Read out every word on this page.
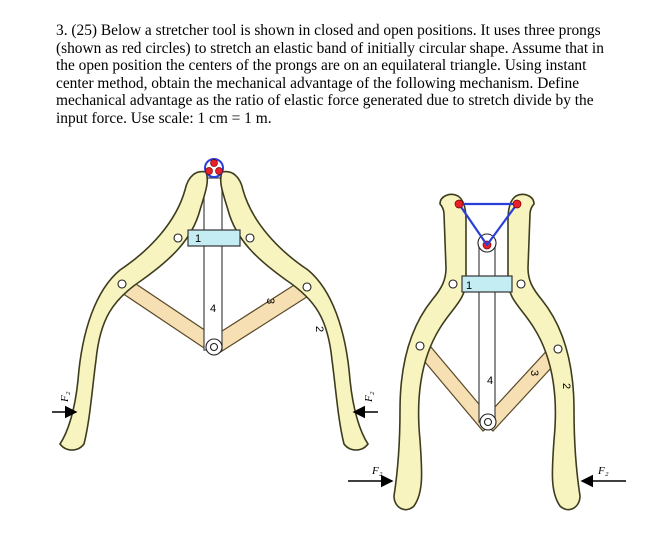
3. (25) Below a stretcher tool is shown in closed and open positions. It uses three prongs
(shown as red circles) to stretch an elastic band of initially circular shape. Assume that in
the open position the centers of the prongs are on an equilateral triangle. Using instant
center method, obtain the mechanical advantage of the following mechanism. Define
mechanical advantage as the ratio of elastic force generated due to stretch divide by the
input force. Use scale: 1 cm = 1 m.
1
4
3
2
F₂	F₂
1
4
3
2
F₂	F₂
